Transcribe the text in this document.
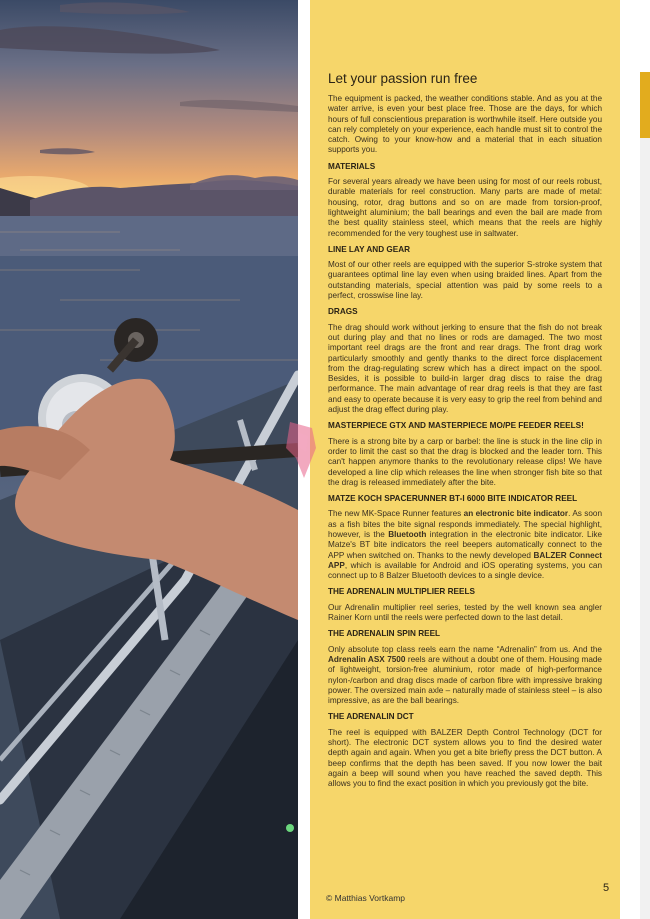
Let your passion run free

The equipment is packed, the weather conditions stable. And as you at the water arrive, is even your best place free. Those are the days, for which hours of full conscientious preparation is worthwhile itself. Here outside you can rely completely on your experience, each handle must sit to control the catch. Owing to your know-how and a material that in each situation supports you.

MATERIALS

For several years already we have been using for most of our reels robust, durable materials for reel construction. Many parts are made of metal: housing, rotor, drag buttons and so on are made from torsion-proof, lightweight aluminium; the ball bearings and even the bail are made from the best quality stainless steel, which means that the reels are highly recommended for the very toughest use in saltwater.

LINE LAY AND GEAR

Most of our other reels are equipped with the superior S-stroke system that guarantees optimal line lay even when using braided lines. Apart from the outstanding materials, special attention was paid by some reels to a perfect, crosswise line lay.

DRAGS

The drag should work without jerking to ensure that the fish do not break out during play and that no lines or rods are damaged. The two most important reel drags are the front and rear drags. The front drag work particularly smoothly and gently thanks to the direct force displacement from the drag-regulating screw which has a direct impact on the spool. Besides, it is possible to build-in larger drag discs to raise the drag performance. The main advantage of rear drag reels is that they are fast and easy to operate because it is very easy to grip the reel from behind and adjust the drag effect during play.

MASTERPIECE GTX AND MASTERPIECE MO/PE FEEDER REELS!

There is a strong bite by a carp or barbel: the line is stuck in the line clip in order to limit the cast so that the drag is blocked and the leader torn. This can't happen anymore thanks to the revolutionary release clips! We have developed a line clip which releases the line when stronger fish bite so that the drag is released immediately after the bite.

MATZE KOCH SPACERUNNER BT-I 6000 BITE INDICATOR REEL

The new MK-Space Runner features an electronic bite indicator. As soon as a fish bites the bite signal responds immediately. The special highlight, however, is the Bluetooth integration in the electronic bite indicator. Like Matze's BT bite indicators the reel beepers automatically connect to the APP when switched on. Thanks to the newly developed BALZER Connect APP, which is available for Android and iOS operating systems, you can connect up to 8 Balzer Bluetooth devices to a single device.

THE ADRENALIN MULTIPLIER REELS

Our Adrenalin multiplier reel series, tested by the well known sea angler Rainer Korn until the reels were perfected down to the last detail.

THE ADRENALIN SPIN REEL

Only absolute top class reels earn the name “Adrenalin” from us. And the Adrenalin ASX 7500 reels are without a doubt one of them. Housing made of lightweight, torsion-free aluminium, rotor made of high-performance nylon-/carbon and drag discs made of carbon fibre with impressive braking power. The oversized main axle – naturally made of stainless steel – is also impressive, as are the ball bearings.

THE ADRENALIN DCT

The reel is equipped with BALZER Depth Control Technology (DCT for short). The electronic DCT system allows you to find the desired water depth again and again. When you get a bite briefly press the DCT button. A beep confirms that the depth has been saved. If you now lower the bait again a beep will sound when you have reached the saved depth. This allows you to find the exact position in which you previously got the bite.

© Matthias Vortkamp
5
